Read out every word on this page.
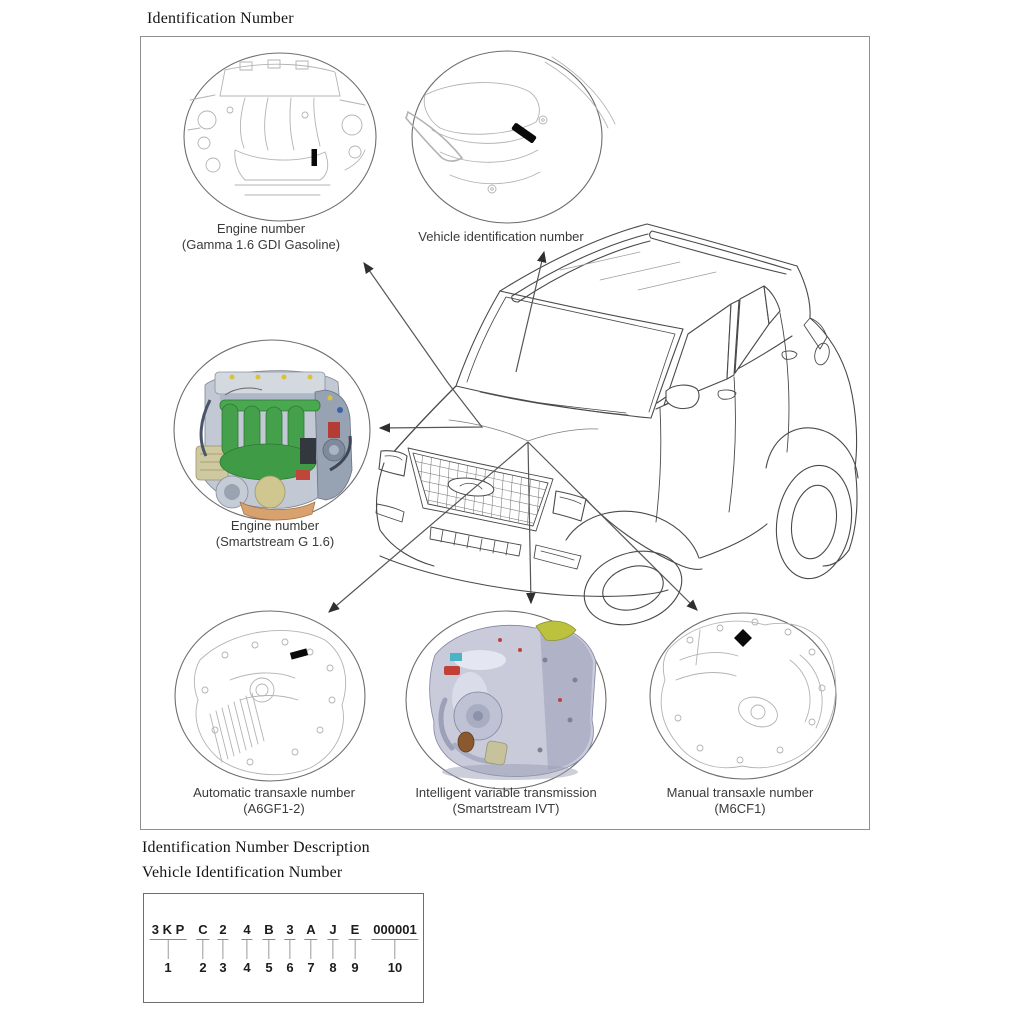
Identification Number
Identification Number Description
Vehicle Identification Number
Engine number
(Gamma 1.6 GDI Gasoline)
Vehicle identification number
Engine number
(Smartstream G 1.6)
Automatic transaxle number
(A6GF1-2)
Intelligent variable transmission
(Smartstream IVT)
Manual transaxle number
(M6CF1)
3 K P
1
C
2
2
3
4
4
B
5
3
6
A
7
J
8
E
9
000001
10
